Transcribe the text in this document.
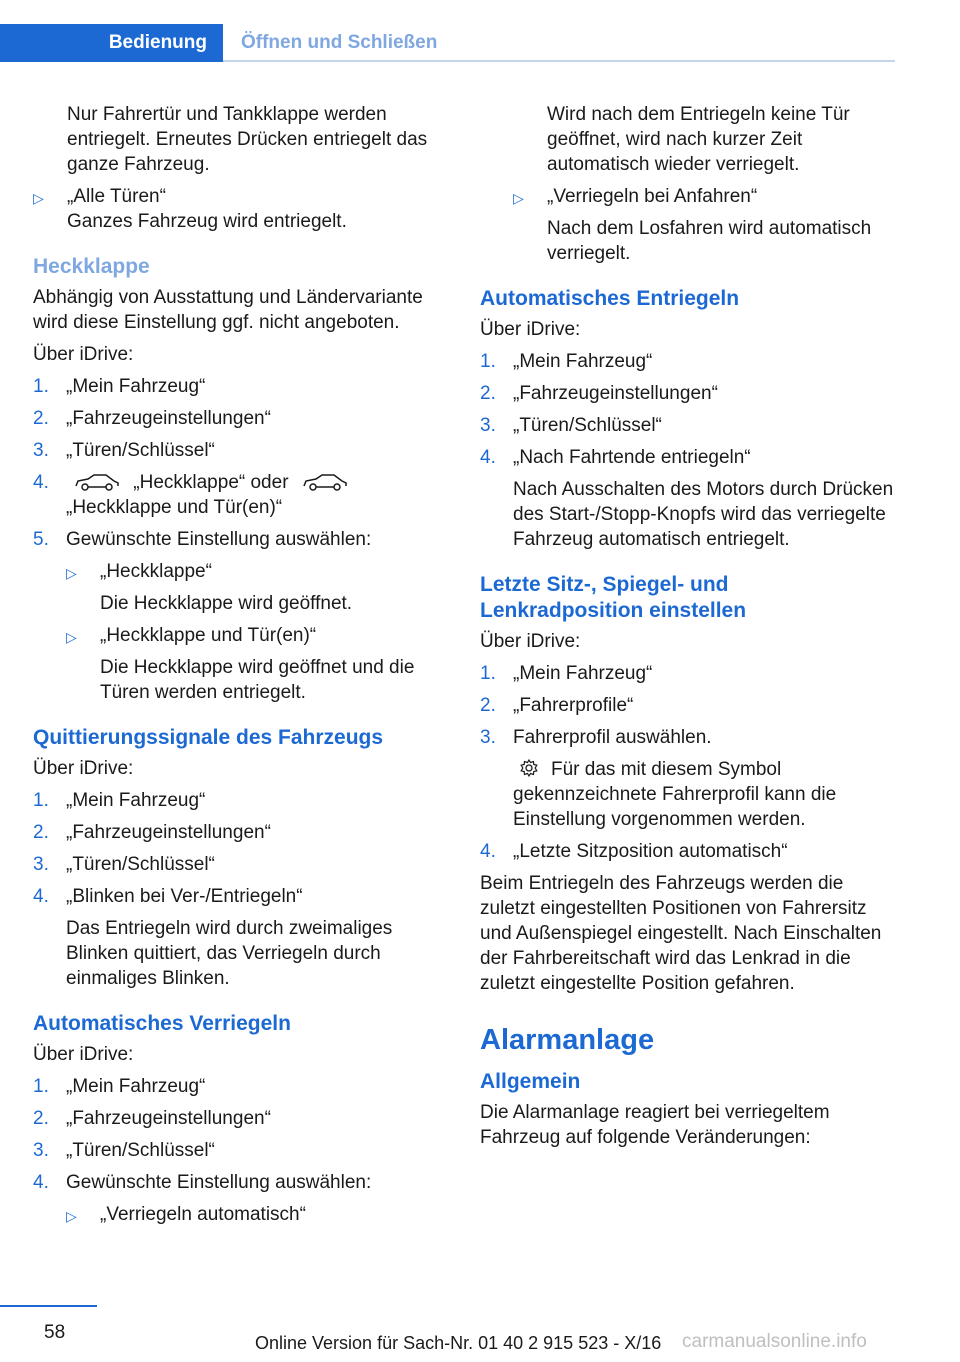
Bedienung	Öffnen und Schließen
Nur Fahrertür und Tankklappe werden entriegelt. Erneutes Drücken entriegelt das ganze Fahrzeug.
▷	„Alle Türen“
Ganzes Fahrzeug wird entriegelt.
Heckklappe
Abhängig von Ausstattung und Ländervariante wird diese Einstellung ggf. nicht angeboten.
Über iDrive:
1. „Mein Fahrzeug“
2. „Fahrzeugeinstellungen“
3. „Türen/Schlüssel“
4.	„Heckklappe“ oder
„Heckklappe und Tür(en)“
5. Gewünschte Einstellung auswählen:
▷	„Heckklappe“
Die Heckklappe wird geöffnet.
▷	„Heckklappe und Tür(en)“
Die Heckklappe wird geöffnet und die Türen werden entriegelt.
Quittierungssignale des Fahrzeugs
Über iDrive:
1. „Mein Fahrzeug“
2. „Fahrzeugeinstellungen“
3. „Türen/Schlüssel“
4. „Blinken bei Ver-/Entriegeln“
Das Entriegeln wird durch zweimaliges Blinken quittiert, das Verriegeln durch einmaliges Blinken.
Automatisches Verriegeln
Über iDrive:
1. „Mein Fahrzeug“
2. „Fahrzeugeinstellungen“
3. „Türen/Schlüssel“
4. Gewünschte Einstellung auswählen:
▷	„Verriegeln automatisch“
Wird nach dem Entriegeln keine Tür geöffnet, wird nach kurzer Zeit automatisch wieder verriegelt.
▷	„Verriegeln bei Anfahren“
Nach dem Losfahren wird automatisch verriegelt.
Automatisches Entriegeln
Über iDrive:
1. „Mein Fahrzeug“
2. „Fahrzeugeinstellungen“
3. „Türen/Schlüssel“
4. „Nach Fahrtende entriegeln“
Nach Ausschalten des Motors durch Drücken des Start-/Stopp-Knopfs wird das verriegelte Fahrzeug automatisch entriegelt.
Letzte Sitz-, Spiegel- und Lenkradposition einstellen
Über iDrive:
1. „Mein Fahrzeug“
2. „Fahrerprofile“
3. Fahrerprofil auswählen.
Für das mit diesem Symbol gekennzeichnete Fahrerprofil kann die Einstellung vorgenommen werden.
4. „Letzte Sitzposition automatisch“
Beim Entriegeln des Fahrzeugs werden die zuletzt eingestellten Positionen von Fahrersitz und Außenspiegel eingestellt. Nach Einschalten der Fahrbereitschaft wird das Lenkrad in die zuletzt eingestellte Position gefahren.
Alarmanlage
Allgemein
Die Alarmanlage reagiert bei verriegeltem Fahrzeug auf folgende Veränderungen:
58	Online Version für Sach-Nr. 01 40 2 915 523 - X/16 carmanualsonline.info
